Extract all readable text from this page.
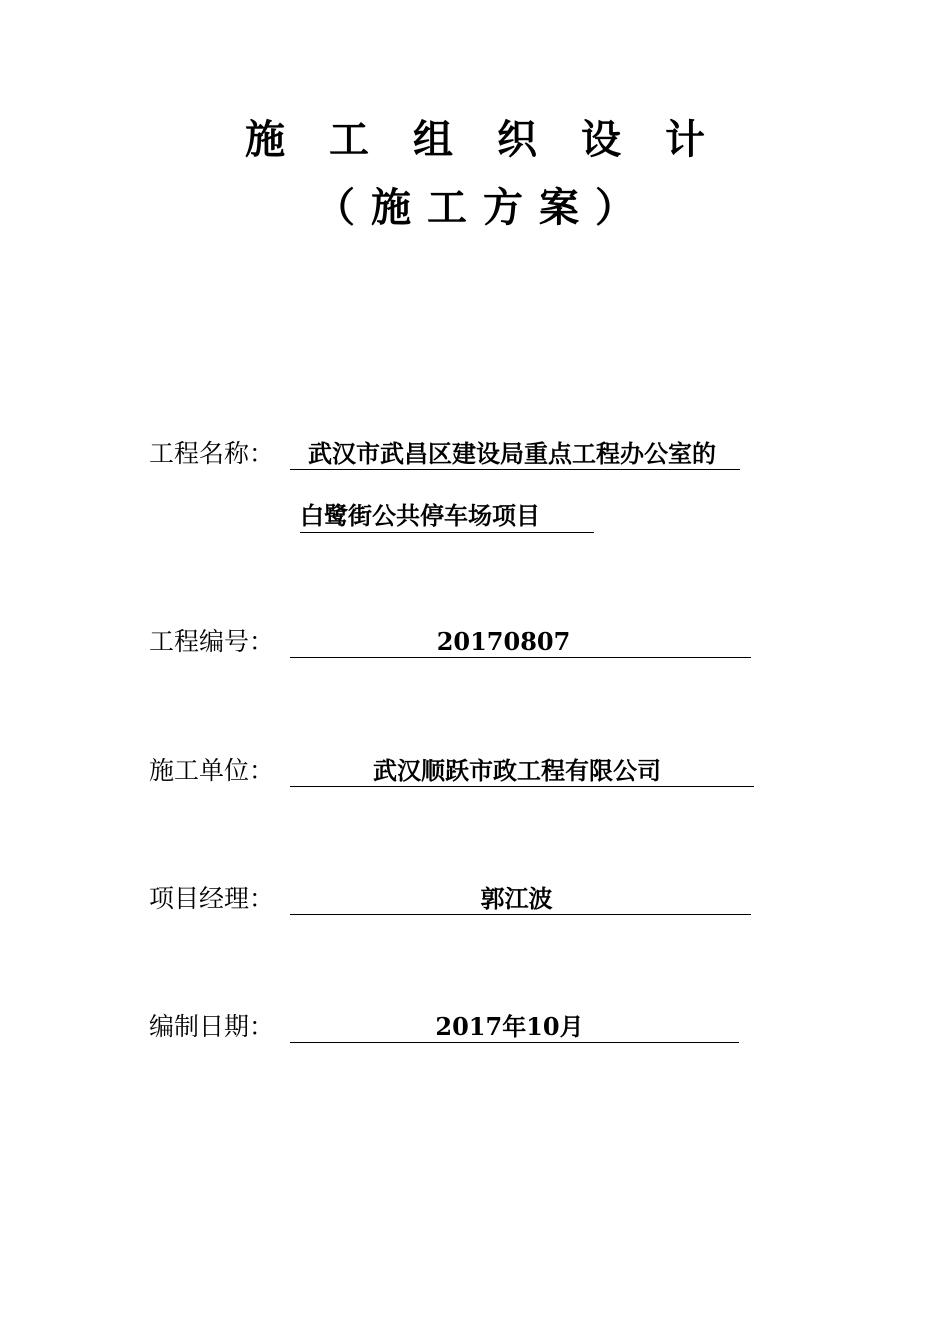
施工组织设计
（施工方案）
工程名称：	武汉市武昌区建设局重点工程办公室的
白鹭街公共停车场项目
工程编号：	20170807
施工单位：	武汉顺跃市政工程有限公司
项目经理：	郭江波
编制日期：	2017年10月
